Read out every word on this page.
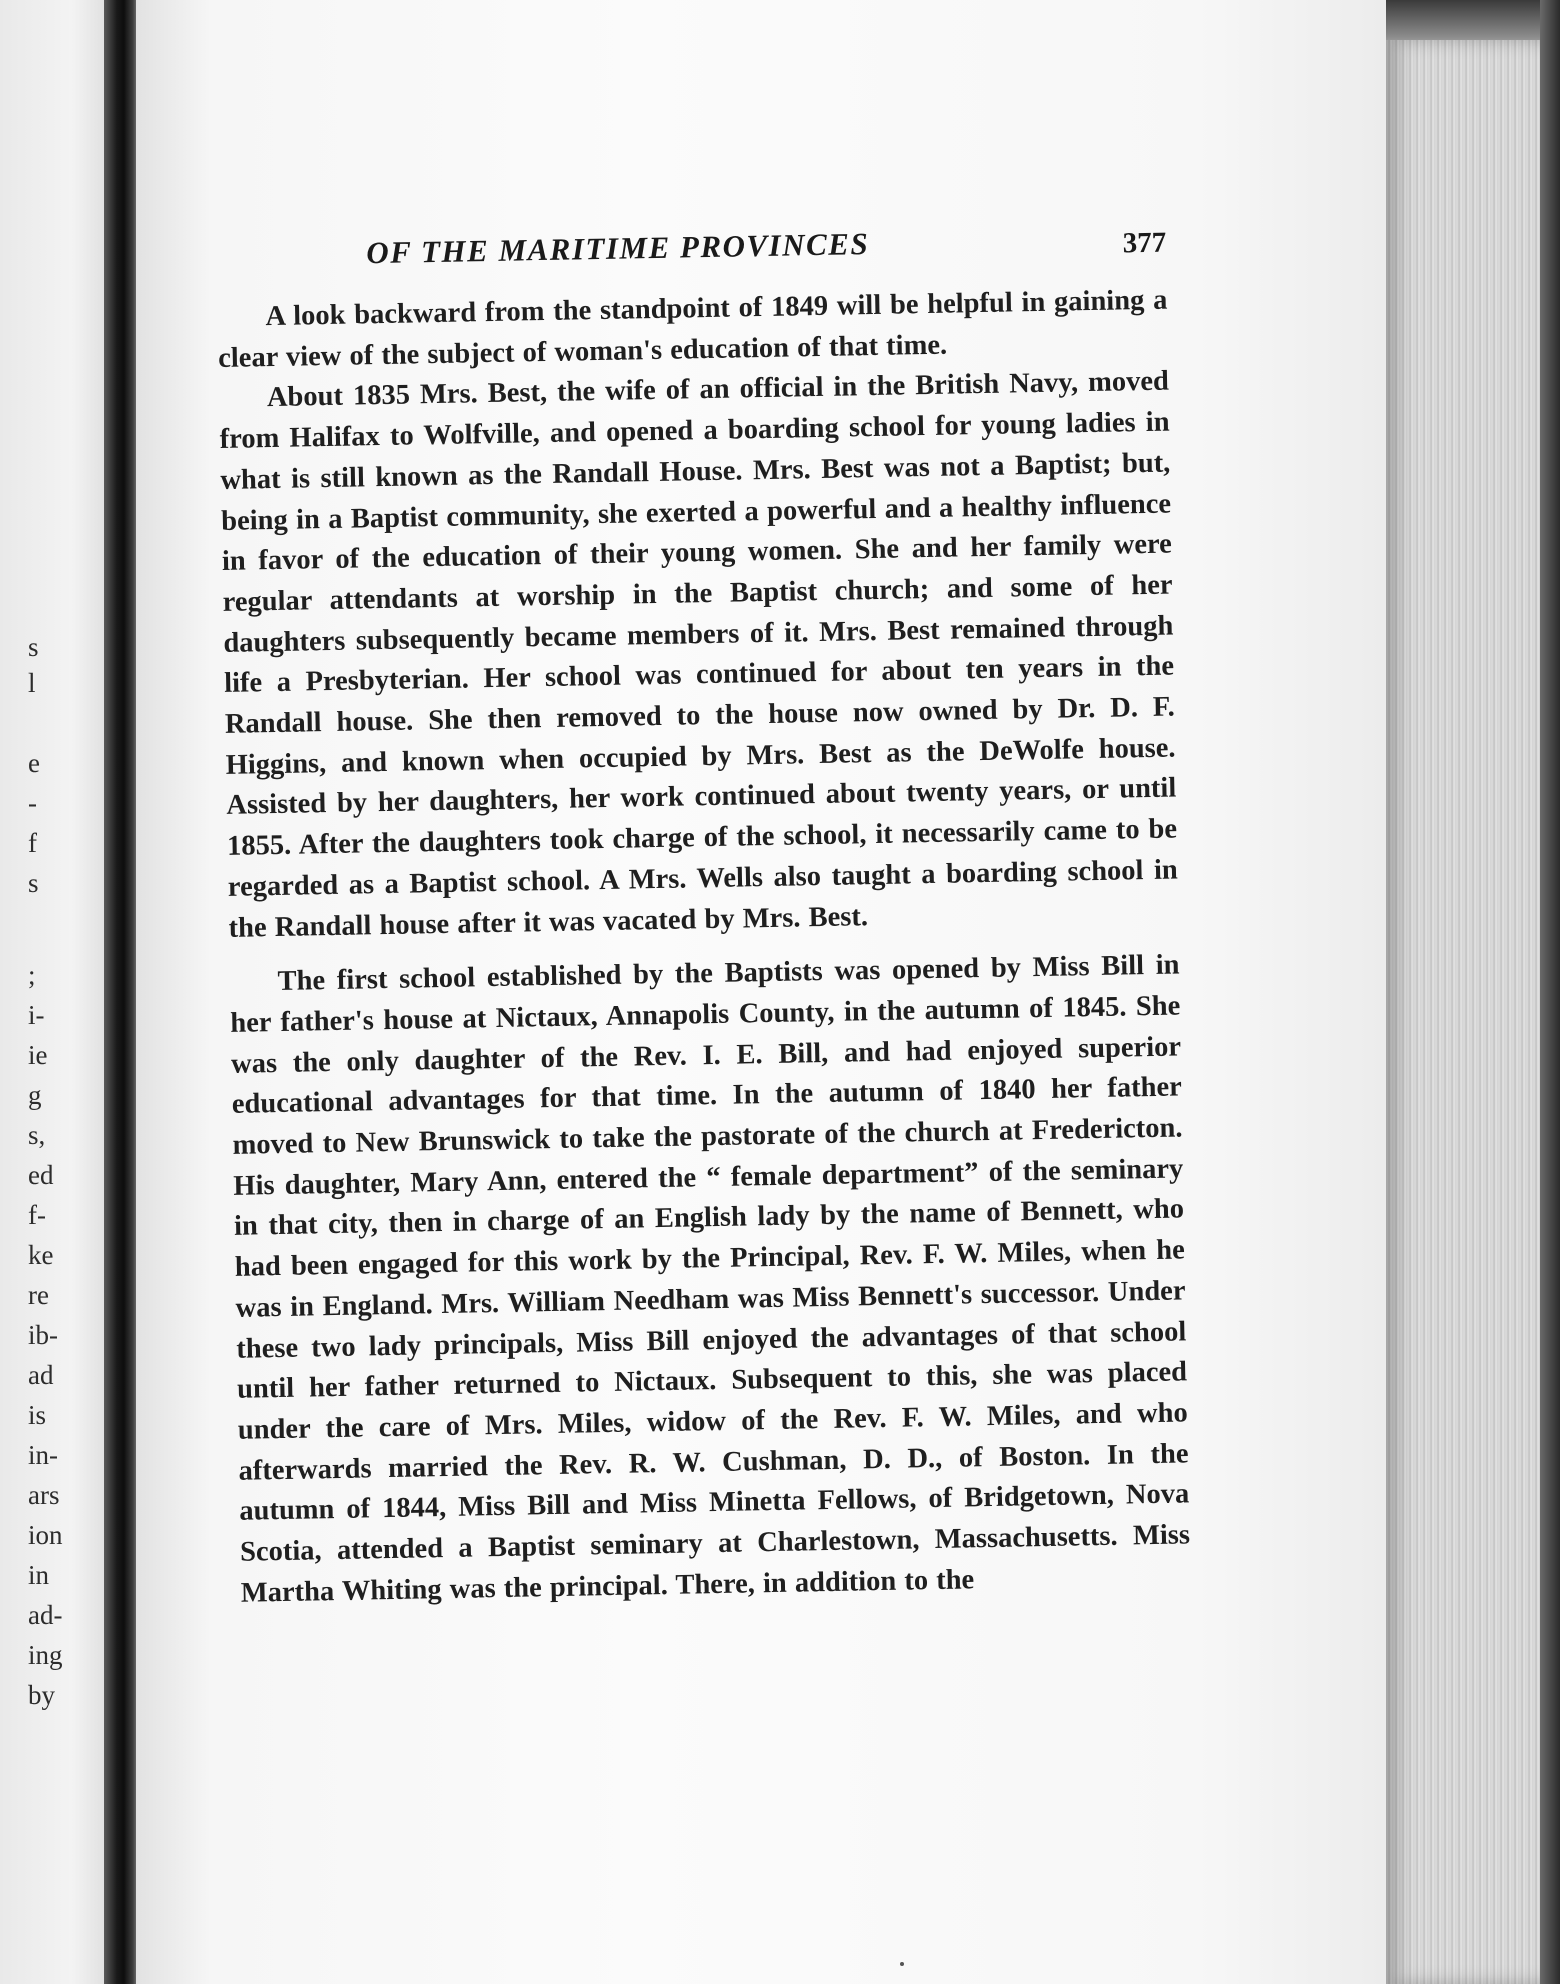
s
l
e
-
f
s
;
i-
ie
g
s,
ed
f-
ke
re
ib-
ad
is
in-
ars
ion
in
ad-
ing
by
OF THE MARITIME PROVINCES	377

A look backward from the standpoint of 1849 will be helpful in gaining a clear view of the subject of woman's education of that time.

About 1835 Mrs. Best, the wife of an official in the British Navy, moved from Halifax to Wolfville, and opened a boarding school for young ladies in what is still known as the Randall House. Mrs. Best was not a Baptist; but, being in a Baptist community, she exerted a powerful and a healthy influence in favor of the education of their young women. She and her family were regular attendants at worship in the Baptist church; and some of her daughters subsequently became members of it. Mrs. Best remained through life a Presbyterian. Her school was continued for about ten years in the Randall house. She then removed to the house now owned by Dr. D. F. Higgins, and known when occupied by Mrs. Best as the DeWolfe house. Assisted by her daughters, her work continued about twenty years, or until 1855. After the daughters took charge of the school, it necessarily came to be regarded as a Baptist school. A Mrs. Wells also taught a boarding school in the Randall house after it was vacated by Mrs. Best.

The first school established by the Baptists was opened by Miss Bill in her father's house at Nictaux, Annapolis County, in the autumn of 1845. She was the only daughter of the Rev. I. E. Bill, and had enjoyed superior educational advantages for that time. In the autumn of 1840 her father moved to New Brunswick to take the pastorate of the church at Fredericton. His daughter, Mary Ann, entered the “ female department” of the seminary in that city, then in charge of an English lady by the name of Bennett, who had been engaged for this work by the Principal, Rev. F. W. Miles, when he was in England. Mrs. William Needham was Miss Bennett's successor. Under these two lady principals, Miss Bill enjoyed the advantages of that school until her father returned to Nictaux. Subsequent to this, she was placed under the care of Mrs. Miles, widow of the Rev. F. W. Miles, and who afterwards married the Rev. R. W. Cushman, D. D., of Boston. In the autumn of 1844, Miss Bill and Miss Minetta Fellows, of Bridgetown, Nova Scotia, attended a Baptist seminary at Charlestown, Massachusetts. Miss Martha Whiting was the principal. There, in addition to the
